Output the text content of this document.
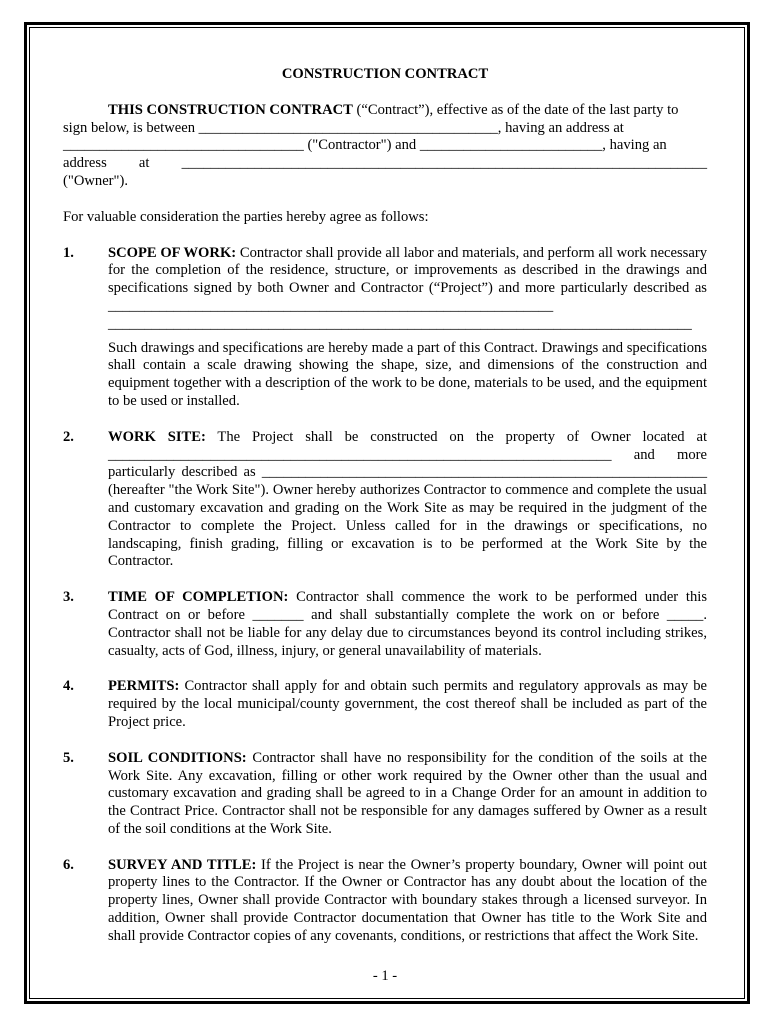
CONSTRUCTION CONTRACT

THIS CONSTRUCTION CONTRACT (“Contract”), effective as of the date of the last party to
sign below, is between _________________________________________, having an address at
_________________________________ ("Contractor") and _________________________, having an
address at ________________________________________________________________________ ("Owner").

For valuable consideration the parties hereby agree as follows:

1. SCOPE OF WORK: Contractor shall provide all labor and materials, and perform all work necessary for the completion of the residence, structure, or improvements as described in the drawings and specifications signed by both Owner and Contractor (“Project”) and more particularly described as _____________________________________________________________
________________________________________________________________________________
Such drawings and specifications are hereby made a part of this Contract. Drawings and specifications shall contain a scale drawing showing the shape, size, and dimensions of the construction and equipment together with a description of the work to be done, materials to be used, and the equipment to be used or installed.
2. WORK SITE: The Project shall be constructed on the property of Owner located at _____________________________________________________________________ and more particularly described as _____________________________________________________________ (hereafter "the Work Site"). Owner hereby authorizes Contractor to commence and complete the usual and customary excavation and grading on the Work Site as may be required in the judgment of the Contractor to complete the Project. Unless called for in the drawings or specifications, no landscaping, finish grading, filling or excavation is to be performed at the Work Site by the Contractor.
3. TIME OF COMPLETION: Contractor shall commence the work to be performed under this Contract on or before _______ and shall substantially complete the work on or before _____. Contractor shall not be liable for any delay due to circumstances beyond its control including strikes, casualty, acts of God, illness, injury, or general unavailability of materials.
4. PERMITS: Contractor shall apply for and obtain such permits and regulatory approvals as may be required by the local municipal/county government, the cost thereof shall be included as part of the Project price.
5. SOIL CONDITIONS: Contractor shall have no responsibility for the condition of the soils at the Work Site. Any excavation, filling or other work required by the Owner other than the usual and customary excavation and grading shall be agreed to in a Change Order for an amount in addition to the Contract Price. Contractor shall not be responsible for any damages suffered by Owner as a result of the soil conditions at the Work Site.
6. SURVEY AND TITLE: If the Project is near the Owner’s property boundary, Owner will point out property lines to the Contractor. If the Owner or Contractor has any doubt about the location of the property lines, Owner shall provide Contractor with boundary stakes through a licensed surveyor. In addition, Owner shall provide Contractor documentation that Owner has title to the Work Site and shall provide Contractor copies of any covenants, conditions, or restrictions that affect the Work Site.
- 1 -
